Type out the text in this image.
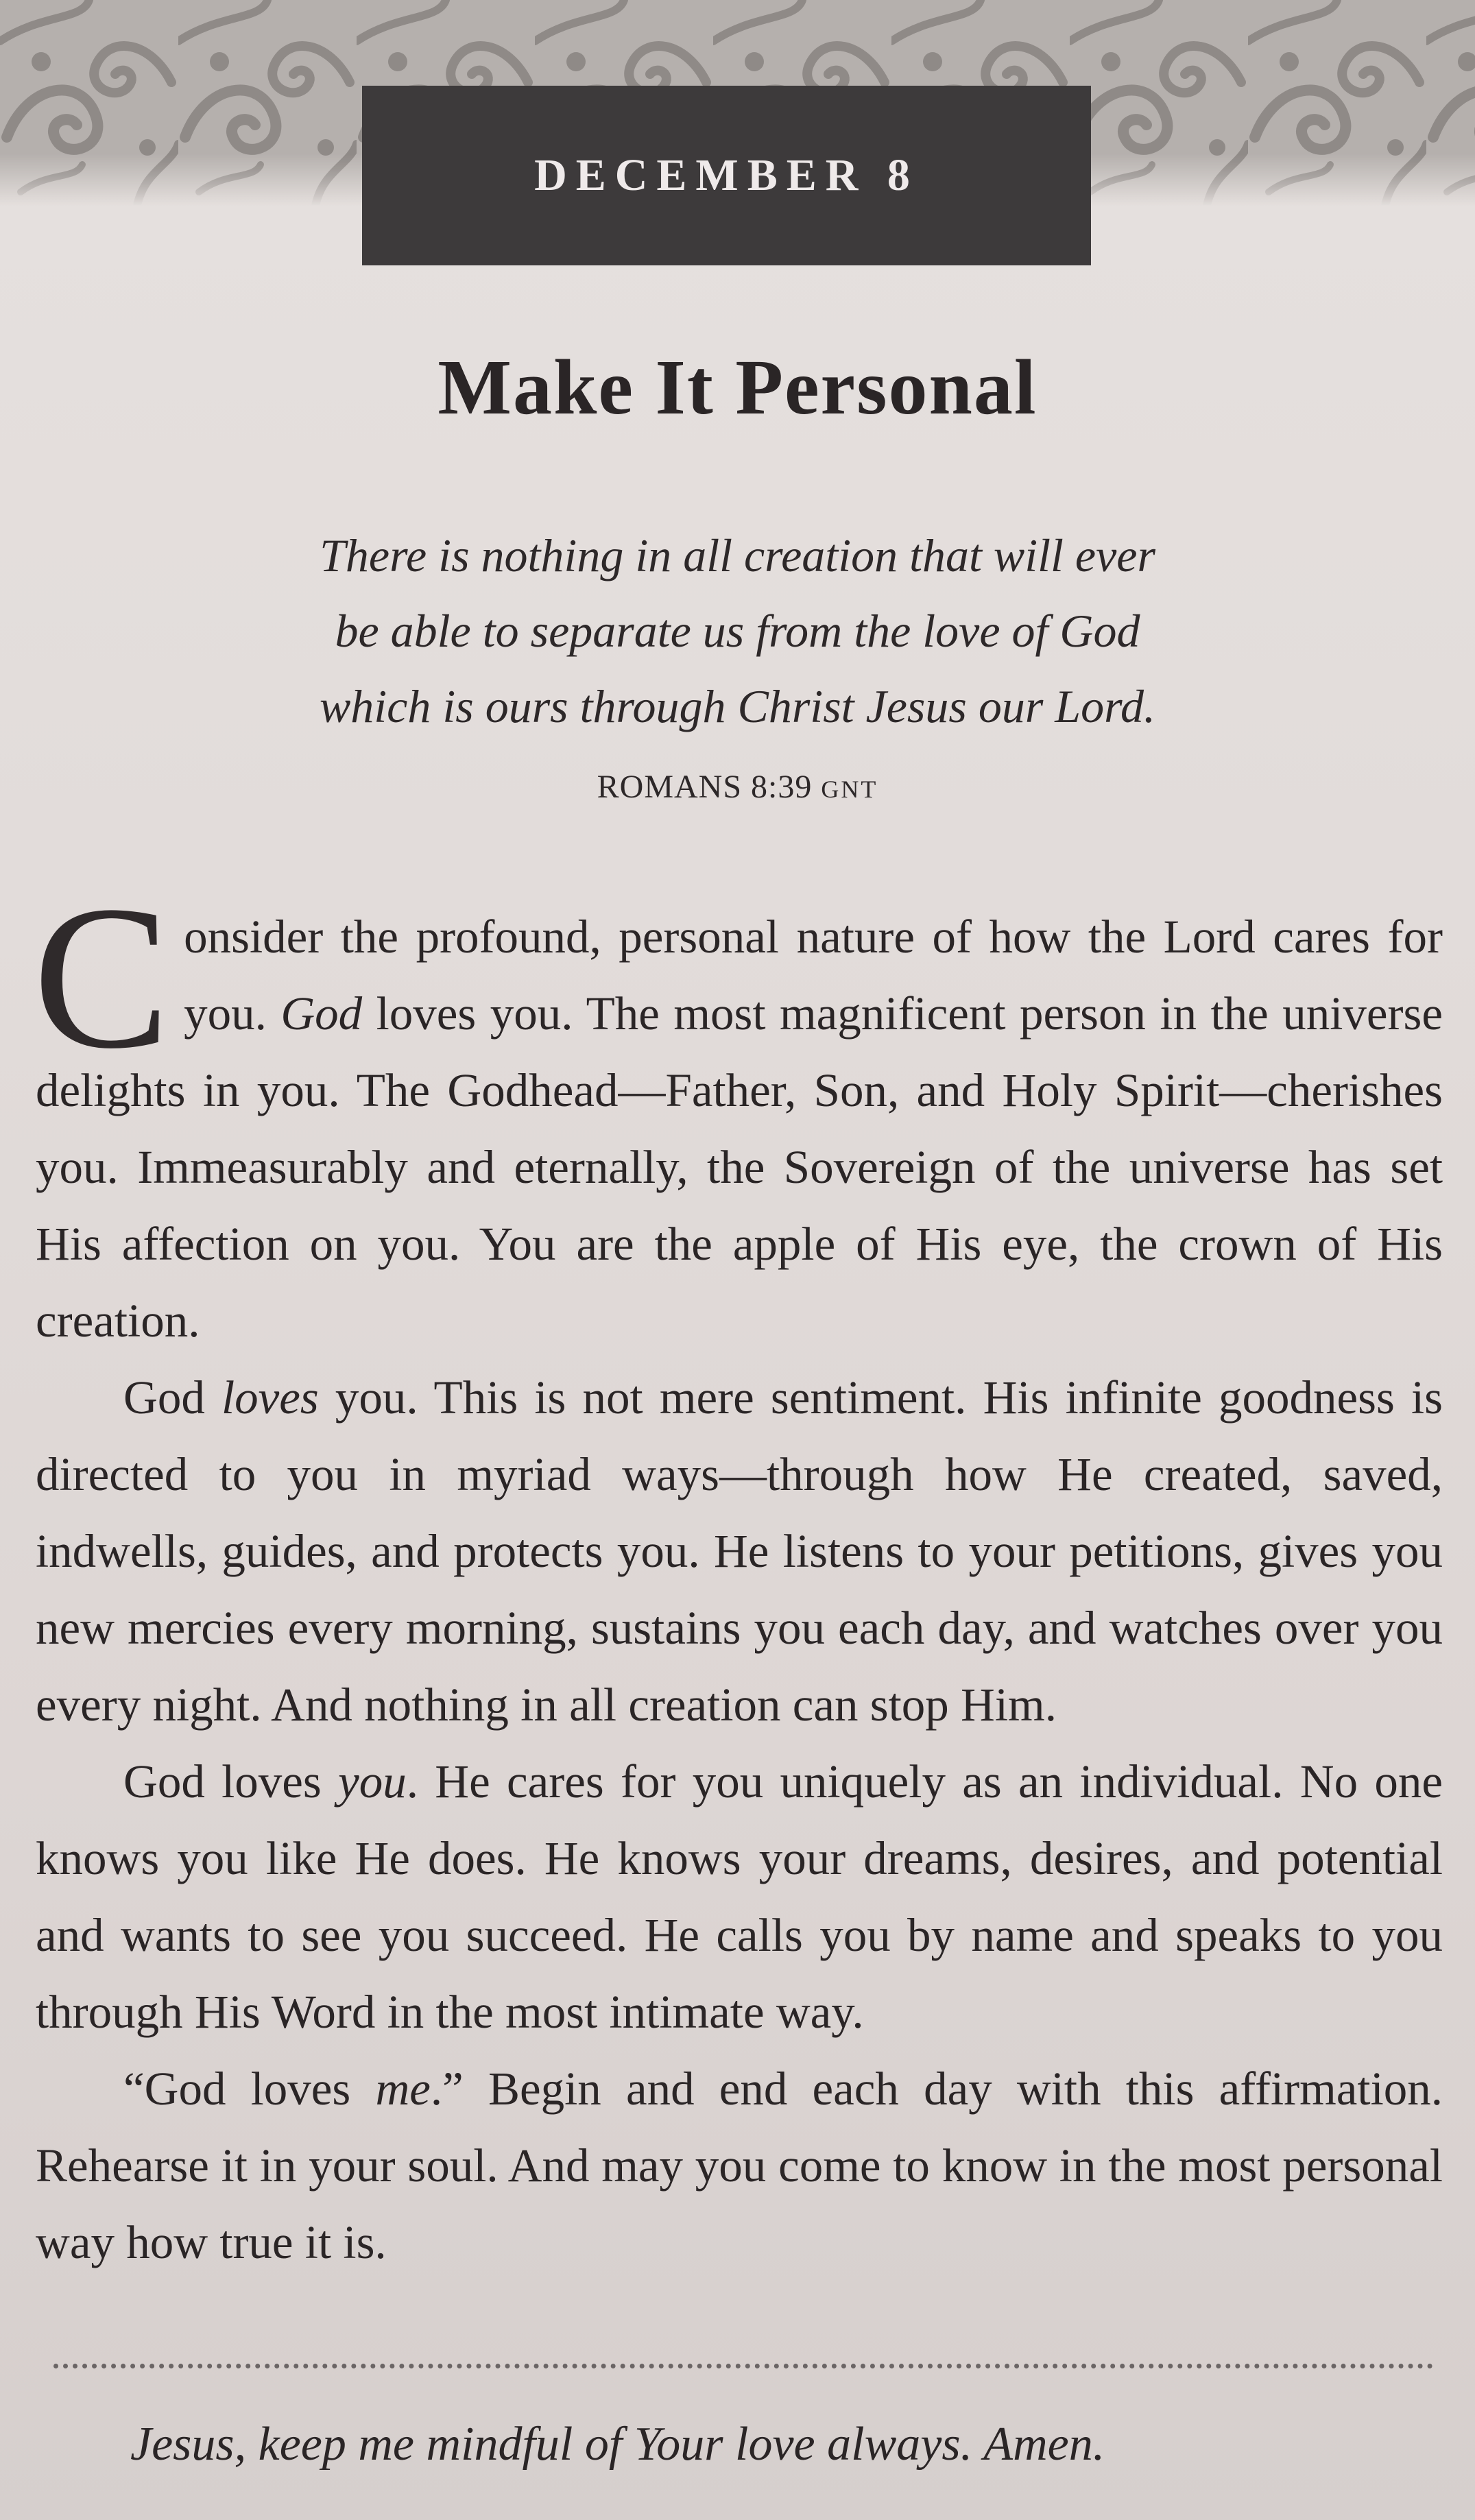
DECEMBER 8
Make It Personal
There is nothing in all creation that will ever
be able to separate us from the love of God
which is ours through Christ Jesus our Lord.
ROMANS 8:39 GNT

Consider the profound, personal nature of how the Lord cares for you. God loves you. The most magnificent person in the universe delights in you. The Godhead—Father, Son, and Holy Spirit—cherishes you. Immeasurably and eternally, the Sovereign of the universe has set His affection on you. You are the apple of His eye, the crown of His creation.

God loves you. This is not mere sentiment. His infinite goodness is directed to you in myriad ways—through how He created, saved, indwells, guides, and protects you. He listens to your petitions, gives you new mercies every morning, sustains you each day, and watches over you every night. And nothing in all creation can stop Him.

God loves you. He cares for you uniquely as an individual. No one knows you like He does. He knows your dreams, desires, and potential and wants to see you succeed. He calls you by name and speaks to you through His Word in the most intimate way.

“God loves me.” Begin and end each day with this affirmation. Rehearse it in your soul. And may you come to know in the most personal way how true it is.

Jesus, keep me mindful of Your love always. Amen.
